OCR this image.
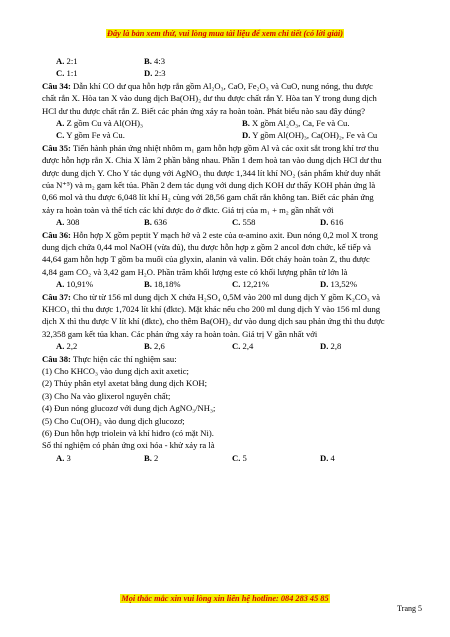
Đây là bản xem thử, vui lòng mua tài liệu để xem chi tiết (có lời giải)
A. 2:1	B. 4:3
C. 1:1	D. 2:3
Câu 34: Dẫn khí CO dư qua hỗn hợp rắn gồm Al₂O₃, CaO, Fe₂O₃ và CuO, nung nóng, thu được
chất rắn X. Hòa tan X vào dung dịch Ba(OH)₂ dư thu được chất rắn Y. Hòa tan Y trong dung dịch
HCl dư thu được chất rắn Z. Biết các phản ứng xảy ra hoàn toàn. Phát biểu nào sau đây đúng?
A. Z gồm Cu và Al(OH)₃	B. X gồm Al₂O₃, Ca, Fe và Cu.
C. Y gồm Fe và Cu.	D. Y gồm Al(OH)₃, Ca(OH)₂, Fe và Cu
Câu 35: Tiến hành phản ứng nhiệt nhôm m₁ gam hỗn hợp gồm Al và các oxit sắt trong khí trơ thu
được hỗn hợp rắn X. Chia X làm 2 phần bằng nhau. Phần 1 đem hoà tan vào dung dịch HCl dư thu
được dung dịch Y. Cho Y tác dụng với AgNO₃ thu được 1,344 lít khí NO₂ (sản phẩm khử duy nhất
của N⁺⁵) và m₂ gam kết tủa. Phần 2 đem tác dụng với dung dịch KOH dư thấy KOH phản ứng là
0,66 mol và thu được 6,048 lít khí H₂ cùng với 28,56 gam chất rắn không tan. Biết các phản ứng
xảy ra hoàn toàn và thể tích các khí được đo ở đktc. Giá trị của m₁ + m₂ gần nhất với
A. 308	B. 636	C. 558	D. 616
Câu 36: Hỗn hợp X gồm peptit Y mạch hở và 2 este của α-amino axit. Đun nóng 0,2 mol X trong
dung dịch chứa 0,44 mol NaOH (vừa đủ), thu được hỗn hợp z gồm 2 ancol đơn chức, kế tiếp và
44,64 gam hỗn hợp T gồm ba muối của glyxin, alanin và valin. Đốt cháy hoàn toàn Z, thu được
4,84 gam CO₂ và 3,42 gam H₂O. Phần trăm khối lượng este có khối lượng phân tử lớn là
A. 10,91%	B. 18,18%	C. 12,21%	D. 13,52%
Câu 37: Cho từ từ 156 ml dung dịch X chứa H₂SO₄ 0,5M vào 200 ml dung dịch Y gồm K₂CO₃ và
KHCO₃ thì thu được 1,7024 lít khí (đktc). Mặt khác nếu cho 200 ml dung dịch Y vào 156 ml dung
dịch X thì thu được V lít khí (đktc), cho thêm Ba(OH)₂ dư vào dung dịch sau phản ứng thì thu được
32,358 gam kết tủa khan. Các phản ứng xảy ra hoàn toàn. Giá trị V gần nhất với
A. 2,2	B. 2,6	C. 2,4	D. 2,8
Câu 38: Thực hiện các thí nghiệm sau:
(1) Cho KHCO₃ vào dung dịch axit axetic;
(2) Thủy phân etyl axetat bằng dung dịch KOH;
(3) Cho Na vào glixerol nguyên chất;
(4) Đun nóng glucozơ với dung dịch AgNO₃/NH₃;
(5) Cho Cu(OH)₂ vào dung dịch glucozơ;
(6) Đun hỗn hợp triolein và khí hiđro (có mặt Ni).
Số thí nghiệm có phản ứng oxi hóa - khử xảy ra là
A. 3	B. 2	C. 5	D. 4
Mọi thắc mắc xin vui lòng xin liên hệ hotline: 084 283 45 85
Trang 5
